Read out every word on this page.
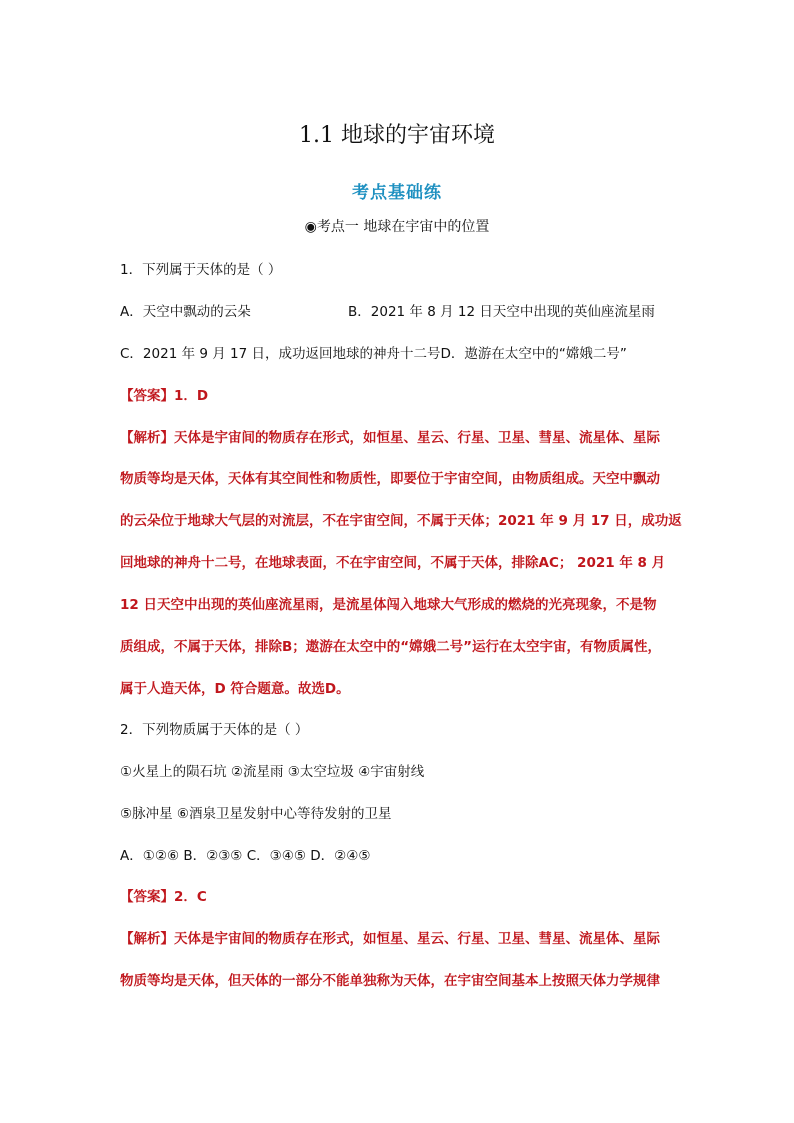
1.1 地球的宇宙环境
考点基础练
◉考点一 地球在宇宙中的位置
1．下列属于天体的是（ ）
A．天空中飘动的云朵	B．2021 年 8 月 12 日天空中出现的英仙座流星雨
C．2021 年 9 月 17 日，成功返回地球的神舟十二号D．遨游在太空中的“嫦娥二号”
【答案】1．D
【解析】天体是宇宙间的物质存在形式，如恒星、星云、行星、卫星、彗星、流星体、星际
物质等均是天体，天体有其空间性和物质性，即要位于宇宙空间，由物质组成。天空中飘动
的云朵位于地球大气层的对流层，不在宇宙空间，不属于天体；2021 年 9 月 17 日，成功返
回地球的神舟十二号，在地球表面，不在宇宙空间，不属于天体，排除AC； 2021 年 8 月
12 日天空中出现的英仙座流星雨，是流星体闯入地球大气形成的燃烧的光亮现象，不是物
质组成，不属于天体，排除B；遨游在太空中的“嫦娥二号”运行在太空宇宙，有物质属性，
属于人造天体，D 符合题意。故选D。
2．下列物质属于天体的是（ ）
①火星上的陨石坑 ②流星雨 ③太空垃圾 ④宇宙射线
⑤脉冲星 ⑥酒泉卫星发射中心等待发射的卫星
A．①②⑥ B．②③⑤ C．③④⑤ D．②④⑤
【答案】2．C
【解析】天体是宇宙间的物质存在形式，如恒星、星云、行星、卫星、彗星、流星体、星际
物质等均是天体，但天体的一部分不能单独称为天体，在宇宙空间基本上按照天体力学规律
